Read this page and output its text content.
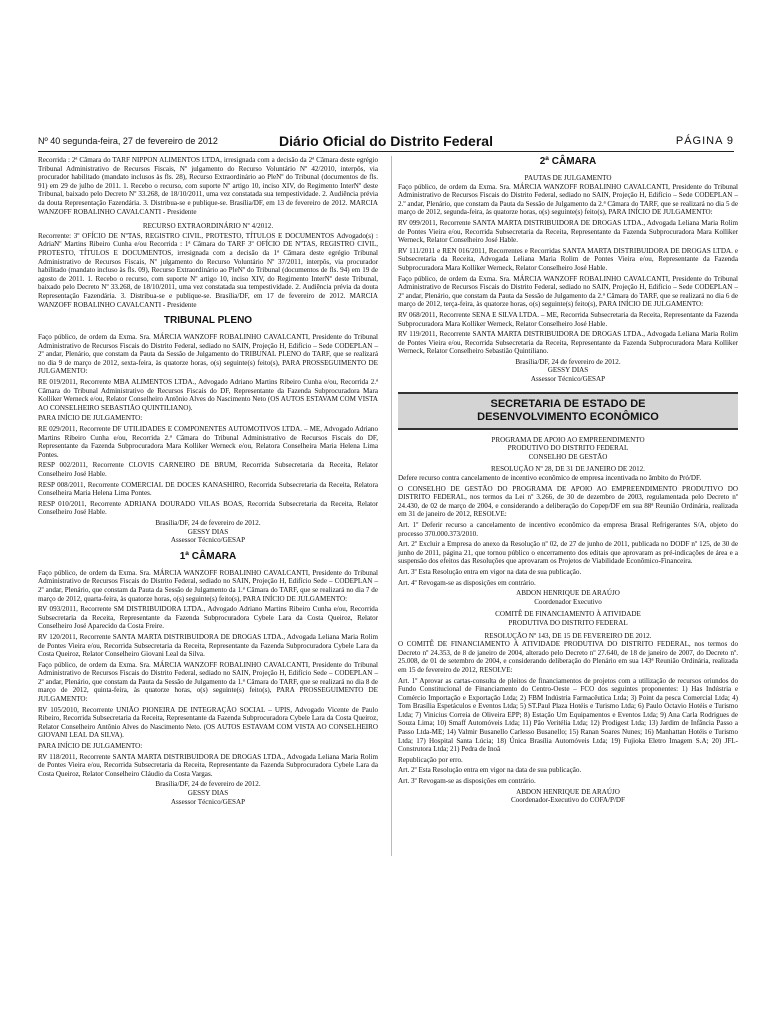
Nº 40 segunda-feira, 27 de fevereiro de 2012	Diário Oficial do Distrito Federal	PÁGINA 9

Recorrida : 2ª Câmara do TARF NIPPON ALIMENTOS LTDA, irresignada com a decisão da 2ª Câmara deste egrégio Tribunal Administrativo de Recursos Fiscais, Nº julgamento do Recurso Voluntário Nº 42/2010, interpôs, via procurador habilitado (mandato inclusos às fls. 28), Recurso Extraordinário ao PleNº do Tribunal (documentos de fls. 91) em 29 de julho de 2011. 1. Recebo o recurso, com suporte Nº artigo 10, inciso XIV, do Regimento InterNº deste Tribunal, baixado pelo Decreto Nº 33.268, de 18/10/2011, uma vez constatada sua tempestividade. 2. Audiência prévia da douta Representação Fazendária. 3. Distribua-se e publique-se. Brasília/DF, em 13 de fevereiro de 2012. MARCIA WANZOFF ROBALINHO CAVALCANTI - Presidente

RECURSO EXTRAORDINÁRIO Nº 4/2012.

Recorrente: 3º OFÍCIO DE NºTAS, REGISTRO CIVIL, PROTESTO, TÍTULOS E DOCUMENTOS Advogado(s) : AdriaNº Martins Ribeiro Cunha e/ou Recorrida : 1ª Câmara do TARF 3º OFÍCIO DE NºTAS, REGISTRO CIVIL, PROTESTO, TÍTULOS E DOCUMENTOS, irresignada com a decisão da 1ª Câmara deste egrégio Tribunal Administrativo de Recursos Fiscais, Nº julgamento do Recurso Voluntário Nº 37/2011, interpôs, via procurador habilitado (mandato incluso às fls. 09), Recurso Extraordinário ao PleNº do Tribunal (documentos de fls. 94) em 19 de agosto de 2011. 1. Recebo o recurso, com suporte Nº artigo 10, inciso XIV, do Regimento InterNº deste Tribunal, baixado pelo Decreto Nº 33.268, de 18/10/2011, uma vez constatada sua tempestividade. 2. Audiência prévia da douta Representação Fazendária. 3. Distribua-se e publique-se. Brasília/DF, em 17 de fevereiro de 2012. MARCIA WANZOFF ROBALINHO CAVALCANTI - Presidente

TRIBUNAL PLENO

Faço público, de ordem da Exma. Sra. MÁRCIA WANZOFF ROBALINHO CAVALCANTI, Presidente do Tribunal Administrativo de Recursos Fiscais do Distrito Federal, sediado no SAIN, Projeção H, Edifício – Sede CODEPLAN – 2º andar, Plenário, que constam da Pauta da Sessão de Julgamento do TRIBUNAL PLENO do TARF, que se realizará no dia 9 de março de 2012, sexta-feira, às quatorze horas, o(s) seguinte(s) feito(s), PARA PROSSEGUIMENTO DE JULGAMENTO:

RE 019/2011, Recorrente MBA ALIMENTOS LTDA., Advogado Adriano Martins Ribeiro Cunha e/ou, Recorrida 2.ª Câmara do Tribunal Administrativo de Recursos Fiscais do DF, Representante da Fazenda Subprocuradora Mara Kolliker Werneck e/ou, Relator Conselheiro Antônio Alves do Nascimento Neto (OS AUTOS ESTAVAM COM VISTA AO CONSELHEIRO SEBASTIÃO QUINTILIANO).

PARA INÍCIO DE JULGAMENTO:

RE 029/2011, Recorrente DF UTILIDADES E COMPONENTES AUTOMOTIVOS LTDA. – ME, Advogado Adriano Martins Ribeiro Cunha e/ou, Recorrida 2.ª Câmara do Tribunal Administrativo de Recursos Fiscais do DF, Representante da Fazenda Subprocuradora Mara Kolliker Werneck e/ou, Relatora Conselheira Maria Helena Lima Pontes.

RESP 002/2011, Recorrente CLOVIS CARNEIRO DE BRUM, Recorrida Subsecretaria da Receita, Relator Conselheiro José Hable.

RESP 008/2011, Recorrente COMERCIAL DE DOCES KANASHIRO, Recorrida Subsecretaria da Receita, Relatora Conselheira Maria Helena Lima Pontes.

RESP 010/2011, Recorrente ADRIANA DOURADO VILAS BOAS, Recorrida Subsecretaria da Receita, Relator Conselheiro José Hable.

Brasília/DF, 24 de fevereiro de 2012.

GESSY DIAS

Assessor Técnico/GESAP

1ª CÂMARA

Faço público, de ordem da Exma. Sra. MÁRCIA WANZOFF ROBALINHO CAVALCANTI, Presidente do Tribunal Administrativo de Recursos Fiscais do Distrito Federal, sediado no SAIN, Projeção H, Edifício Sede – CODEPLAN – 2º andar, Plenário, que constam da Pauta da Sessão de Julgamento da 1.ª Câmara do TARF, que se realizará no dia 7 de março de 2012, quarta-feira, às quatorze horas, o(s) seguinte(s) feito(s), PARA INÍCIO DE JULGAMENTO:

RV 093/2011, Recorrente SM DISTRIBUIDORA LTDA., Advogado Adriano Martins Ribeiro Cunha e/ou, Recorrida Subsecretaria da Receita, Representante da Fazenda Subprocuradora Cybele Lara da Costa Queiroz, Relator Conselheiro José Aparecido da Costa Freire.

RV 120/2011, Recorrente SANTA MARTA DISTRIBUIDORA DE DROGAS LTDA., Advogada Leliana Maria Rolim de Pontes Vieira e/ou, Recorrida Subsecretaria da Receita, Representante da Fazenda Subprocuradora Cybele Lara da Costa Queiroz, Relator Conselheiro Giovani Leal da Silva.

Faço público, de ordem da Exma. Sra. MÁRCIA WANZOFF ROBALINHO CAVALCANTI, Presidente do Tribunal Administrativo de Recursos Fiscais do Distrito Federal, sediado no SAIN, Projeção H, Edifício Sede – CODEPLAN – 2º andar, Plenário, que constam da Pauta da Sessão de Julgamento da 1.ª Câmara do TARF, que se realizará no dia 8 de março de 2012, quinta-feira, às quatorze horas, o(s) seguinte(s) feito(s), PARA PROSSEGUIMENTO DE JULGAMENTO:

RV 105/2010, Recorrente UNIÃO PIONEIRA DE INTEGRAÇÃO SOCIAL – UPIS, Advogado Vicente de Paulo Ribeiro, Recorrida Subsecretaria da Receita, Representante da Fazenda Subprocuradora Cybele Lara da Costa Queiroz, Relator Conselheiro Antônio Alves do Nascimento Neto. (OS AUTOS ESTAVAM COM VISTA AO CONSELHEIRO GIOVANI LEAL DA SILVA).

PARA INÍCIO DE JULGAMENTO:

RV 118/2011, Recorrente SANTA MARTA DISTRIBUIDORA DE DROGAS LTDA., Advogada Leliana Maria Rolim de Pontes Vieira e/ou, Recorrida Subsecretaria da Receita, Representante da Fazenda Subprocuradora Cybele Lara da Costa Queiroz, Relator Conselheiro Cláudio da Costa Vargas.

Brasília/DF, 24 de fevereiro de 2012.

GESSY DIAS

Assessor Técnico/GESAP

2ª CÂMARA

PAUTAS DE JULGAMENTO

Faço público, de ordem da Exma. Sra. MÁRCIA WANZOFF ROBALINHO CAVALCANTI, Presidente do Tribunal Administrativo de Recursos Fiscais do Distrito Federal, sediado no SAIN, Projeção H, Edifício – Sede CODEPLAN – 2.º andar, Plenário, que constam da Pauta da Sessão de Julgamento da 2.ª Câmara do TARF, que se realizará no dia 5 de março de 2012, segunda-feira, às quatorze horas, o(s) seguinte(s) feito(s), PARA INÍCIO DE JULGAMENTO:

RV 099/2011, Recorrente SANTA MARTA DISTRIBUIDORA DE DROGAS LTDA., Advogada Leliana Maria Rolim de Pontes Vieira e/ou, Recorrida Subsecretaria da Receita, Representante da Fazenda Subprocuradora Mara Kolliker Werneck, Relator Conselheiro José Hable.

RV 111/2011 e REN 016/2011, Recorrentes e Recorridas SANTA MARTA DISTRIBUIDORA DE DROGAS LTDA. e Subsecretaria da Receita, Advogada Leliana Maria Rolim de Pontes Vieira e/ou, Representante da Fazenda Subprocuradora Mara Kolliker Werneck, Relator Conselheiro José Hable.

Faço público, de ordem da Exma. Sra. MÁRCIA WANZOFF ROBALINHO CAVALCANTI, Presidente do Tribunal Administrativo de Recursos Fiscais do Distrito Federal, sediado no SAIN, Projeção H, Edifício – Sede CODEPLAN – 2º andar, Plenário, que constam da Pauta da Sessão de Julgamento da 2.ª Câmara do TARF, que se realizará no dia 6 de março de 2012, terça-feira, às quatorze horas, o(s) seguinte(s) feito(s), PARA INÍCIO DE JULGAMENTO:

RV 068/2011, Recorrente SENA E SILVA LTDA. – ME, Recorrida Subsecretaria da Receita, Representante da Fazenda Subprocuradora Mara Kolliker Werneck, Relator Conselheiro José Hable.

RV 119/2011, Recorrente SANTA MARTA DISTRIBUIDORA DE DROGAS LTDA., Advogada Leliana Maria Rolim de Pontes Vieira e/ou, Recorrida Subsecretaria da Receita, Representante da Fazenda Subprocuradora Mara Kolliker Werneck, Relator Conselheiro Sebastião Quintiliano.

Brasília/DF, 24 de fevereiro de 2012.

GESSY DIAS

Assessor Técnico/GESAP

SECRETARIA DE ESTADO DE
DESENVOLVIMENTO ECONÔMICO

PROGRAMA DE APOIO AO EMPREENDIMENTO

PRODUTIVO DO DISTRITO FEDERAL

CONSELHO DE GESTÃO

RESOLUÇÃO Nº 28, DE 31 DE JANEIRO DE 2012.

Defere recurso contra cancelamento de incentivo econômico de empresa incentivada no âmbito do Pró/DF.

O CONSELHO DE GESTÃO DO PROGRAMA DE APOIO AO EMPREENDIMENTO PRODUTIVO DO DISTRITO FEDERAL, nos termos da Lei nº 3.266, de 30 de dezembro de 2003, regulamentada pelo Decreto nº 24.430, de 02 de março de 2004, e considerando a deliberação do Copep/DF em sua 88ª Reunião Ordinária, realizada em 31 de janeiro de 2012, RESOLVE:

Art. 1º Deferir recurso a cancelamento de incentivo econômico da empresa Brasal Refrigerantes S/A, objeto do processo 370.000.373/2010.

Art. 2º Excluir a Empresa do anexo da Resolução nº 02, de 27 de junho de 2011, publicada no DODF nº 125, de 30 de junho de 2011, página 21, que tornou público o encerramento dos editais que aprovaram as pré-indicações de área e a suspensão dos efeitos das Resoluções que aprovaram os Projetos de Viabilidade Econômico-Financeira.

Art. 3º Esta Resolução entra em vigor na data de sua publicação.

Art. 4º Revogam-se as disposições em contrário.

ABDON HENRIQUE DE ARAÚJO

Coordenador Executivo

COMITÊ DE FINANCIAMENTO À ATIVIDADE

PRODUTIVA DO DISTRITO FEDERAL

RESOLUÇÃO Nº 143, DE 15 DE FEVEREIRO DE 2012.

O COMITÊ DE FINANCIAMENTO À ATIVIDADE PRODUTIVA DO DISTRITO FEDERAL, nos termos do Decreto nº 24.353, de 8 de janeiro de 2004, alterado pelo Decreto nº 27.640, de 18 de janeiro de 2007, do Decreto nº. 25.008, de 01 de setembro de 2004, e considerando deliberação do Plenário em sua 143ª Reunião Ordinária, realizada em 15 de fevereiro de 2012, RESOLVE:

Art. 1º Aprovar as cartas-consulta de pleitos de financiamentos de projetos com a utilização de recursos oriundos do Fundo Constitucional de Financiamento do Centro-Oeste – FCO dos seguintes proponentes: 1) Has Indústria e Comércio Importação e Exportação Ltda; 2) FBM Indústria Farmacêutica Ltda; 3) Point da pesca Comercial Ltda; 4) Tom Brasília Espetáculos e Eventos Ltda; 5) ST.Paul Plaza Hotéis e Turismo Ltda; 6) Paulo Octavio Hotéis e Turismo Ltda; 7) Vinicius Correia de Oliveira EPP; 8) Estação Um Equipamentos e Eventos Ltda; 9) Ana Carla Rodrigues de Souza Lima; 10) Smaff Automóveis Ltda; 11) Pão Veritélia Ltda; 12) Prodigest Ltda; 13) Jardim de Infância Passo a Passo Ltda-ME; 14) Valmir Busanello Carlesso Busanello; 15) Ranan Soares Nunes; 16) Manhattan Hotéis e Turismo Ltda; 17) Hospital Santa Lúcia; 18) Única Brasília Automóveis Ltda; 19) Fujioka Eletro Imagem S.A; 20) JFL-Construtora Ltda; 21) Pedra de Inoã

Republicação por erro.

Art. 2º Esta Resolução entra em vigor na data de sua publicação.

Art. 3º Revogam-se as disposições em contrário.

ABDON HENRIQUE DE ARAÚJO

Coordenador-Executivo do COFA/P/DF
